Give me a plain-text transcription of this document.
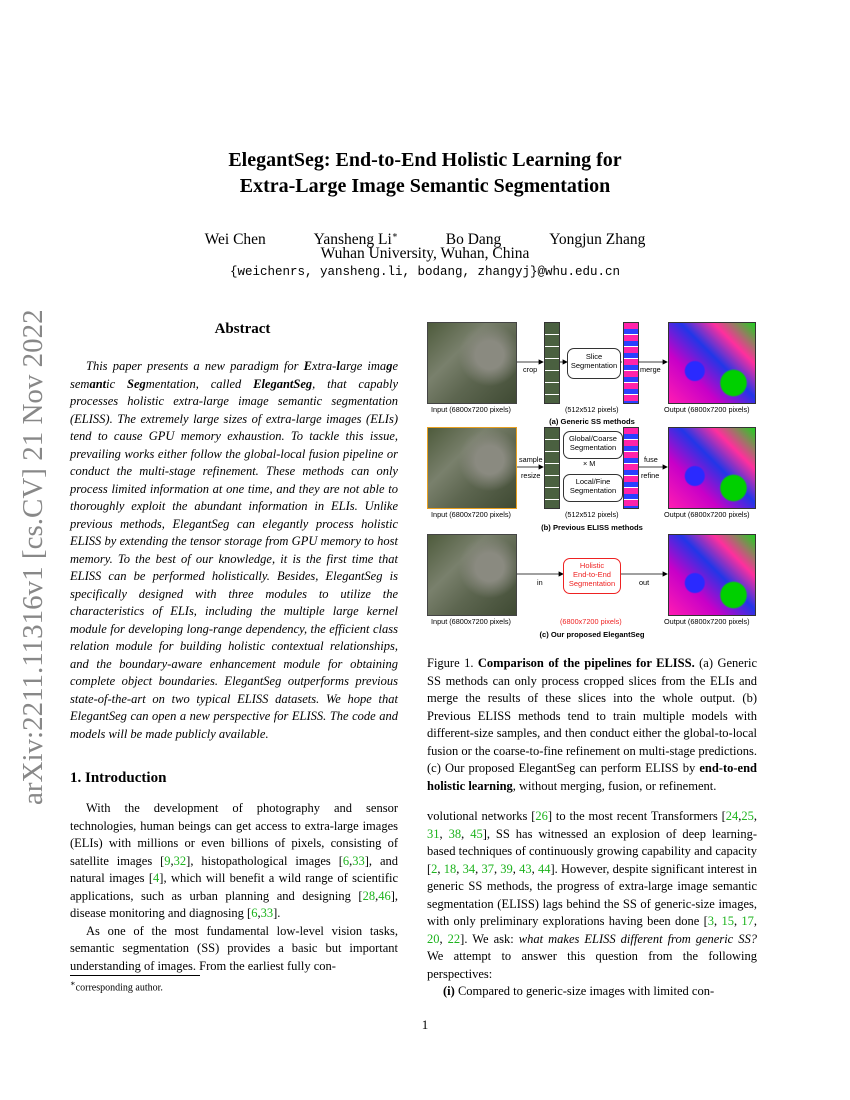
arXiv:2211.11316v1 [cs.CV] 21 Nov 2022
ElegantSeg: End-to-End Holistic Learning for
Extra-Large Image Semantic Segmentation
Wei Chen	Yansheng Li∗	Bo Dang	Yongjun Zhang
Wuhan University, Wuhan, China
{weichenrs, yansheng.li, bodang, zhangyj}@whu.edu.cn
Abstract
This paper presents a new paradigm for Extra-large image semantic Segmentation, called ElegantSeg, that capably processes holistic extra-large image semantic segmentation (ELISS). The extremely large sizes of extra-large images (ELIs) tend to cause GPU memory exhaustion. To tackle this issue, prevailing works either follow the global-local fusion pipeline or conduct the multi-stage refinement. These methods can only process limited information at one time, and they are not able to thoroughly exploit the abundant information in ELIs. Unlike previous methods, ElegantSeg can elegantly process holistic ELISS by extending the tensor storage from GPU memory to host memory. To the best of our knowledge, it is the first time that ELISS can be performed holistically. Besides, ElegantSeg is specifically designed with three modules to utilize the characteristics of ELIs, including the multiple large kernel module for developing long-range dependency, the efficient class relation module for building holistic contextual relationships, and the boundary-aware enhancement module for obtaining complete object boundaries. ElegantSeg outperforms previous state-of-the-art on two typical ELISS datasets. We hope that ElegantSeg can open a new perspective for ELISS. The code and models will be made publicly available.
1. Introduction

With the development of photography and sensor technologies, human beings can get access to extra-large images (ELIs) with millions or even billions of pixels, consisting of satellite images [9,32], histopathological images [6,33], and natural images [4], which will benefit a wild range of scientific applications, such as urban planning and designing [28,46], disease monitoring and diagnosing [6,33].

As one of the most fundamental low-level vision tasks, semantic segmentation (SS) provides a basic but important understanding of images. From the earliest fully con-

volutional networks [26] to the most recent Transformers [24,25, 31, 38, 45], SS has witnessed an explosion of deep learning-based techniques of continuously growing capability and capacity [2, 18, 34, 37, 39, 43, 44]. However, despite significant interest in generic SS methods, the progress of extra-large image semantic segmentation (ELISS) lags behind the SS of generic-size images, with only preliminary explorations having been done [3, 15, 17, 20, 22]. We ask: what makes ELISS different from generic SS? We attempt to answer this question from the following perspectives:

(i) Compared to generic-size images with limited con-

∗corresponding author.
1
Slice
Segmentation
crop	merge
Input (6800x7200 pixels)	(512x512 pixels)	Output (6800x7200 pixels)
(a) Generic SS methods
Global/Coarse
Segmentation
× M
Local/Fine
Segmentation
sample
resize
fuse
refine
Input (6800x7200 pixels)	(512x512 pixels)	Output (6800x7200 pixels)
(b) Previous ELISS methods
Holistic
End-to-End
Segmentation
in	out
Input (6800x7200 pixels)	(6800x7200 pixels)	Output (6800x7200 pixels)
(c) Our proposed ElegantSeg
Figure 1. Comparison of the pipelines for ELISS. (a) Generic SS methods can only process cropped slices from the ELIs and merge the results of these slices into the whole output. (b) Previous ELISS methods tend to train multiple models with different-size samples, and then conduct either the global-to-local fusion or the coarse-to-fine refinement on multi-stage predictions. (c) Our proposed ElegantSeg can perform ELISS by end-to-end holistic learning, without merging, fusion, or refinement.
